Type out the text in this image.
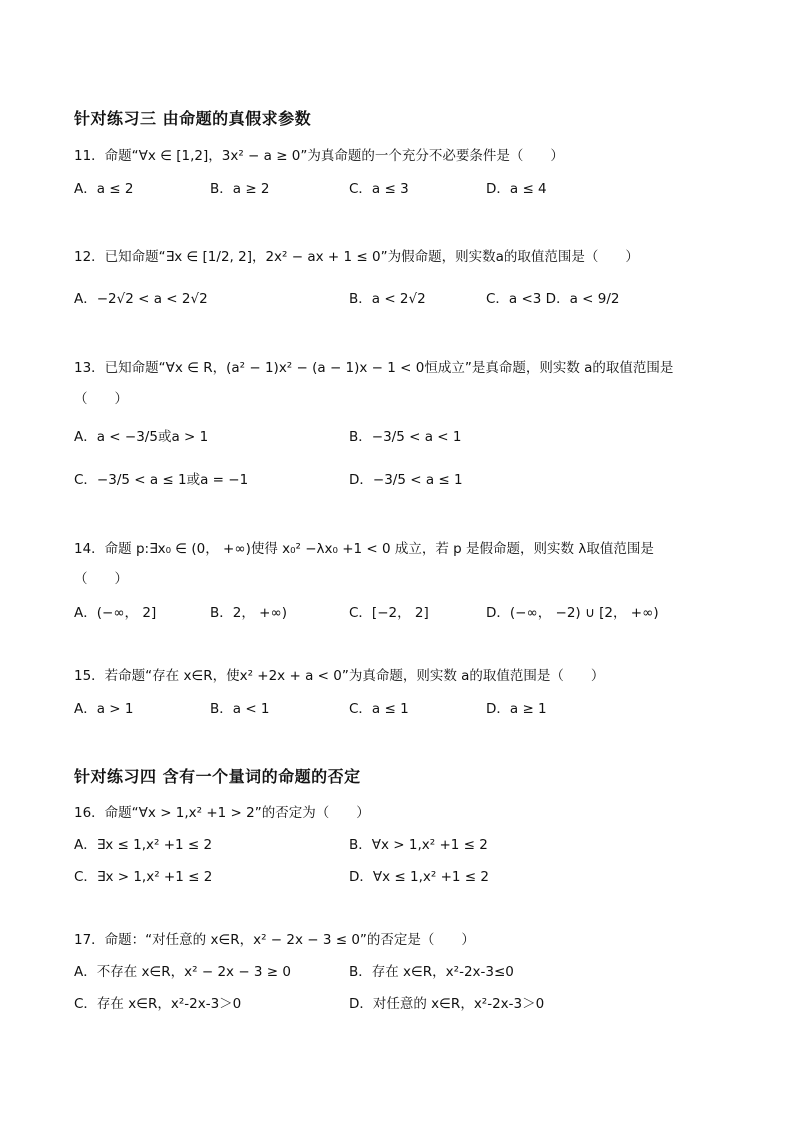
针对练习三 由命题的真假求参数
11．命题“∀x ∈ [1,2]，3x² − a ≥ 0”为真命题的一个充分不必要条件是（　　）
A．a ≤ 2	B．a ≥ 2	C．a ≤ 3	D．a ≤ 4
12．已知命题“∃x ∈ [1/2, 2]，2x² − ax + 1 ≤ 0”为假命题，则实数a的取值范围是（　　）
A．−2√2 < a < 2√2	B．a < 2√2	C．a <3 D．a < 9/2
13．已知命题“∀x ∈ R，(a² − 1)x² − (a − 1)x − 1 < 0恒成立”是真命题，则实数 a的取值范围是
（　　）
A．a < −3/5或a > 1	B．−3/5 < a < 1
C．−3/5 < a ≤ 1或a = −1	D．−3/5 < a ≤ 1
14．命题 p:∃x₀ ∈ (0， +∞)使得 x₀² −λx₀ +1 < 0 成立，若 p 是假命题，则实数 λ取值范围是
（　　）
A．(−∞， 2]	B．2， +∞)	C．[−2， 2]	D．(−∞， −2) ∪ [2， +∞)
15．若命题“存在 x∈R，使x² +2x + a < 0”为真命题，则实数 a的取值范围是（　　）
A．a > 1	B．a < 1	C．a ≤ 1	D．a ≥ 1
针对练习四 含有一个量词的命题的否定
16．命题“∀x > 1,x² +1 > 2”的否定为（　　）
A．∃x ≤ 1,x² +1 ≤ 2	B．∀x > 1,x² +1 ≤ 2
C．∃x > 1,x² +1 ≤ 2	D．∀x ≤ 1,x² +1 ≤ 2
17．命题：“对任意的 x∈R，x² − 2x − 3 ≤ 0”的否定是（　　）
A．不存在 x∈R，x² − 2x − 3 ≥ 0	B．存在 x∈R，x²-2x-3≤0
C．存在 x∈R，x²-2x-3＞0	D．对任意的 x∈R，x²-2x-3＞0
